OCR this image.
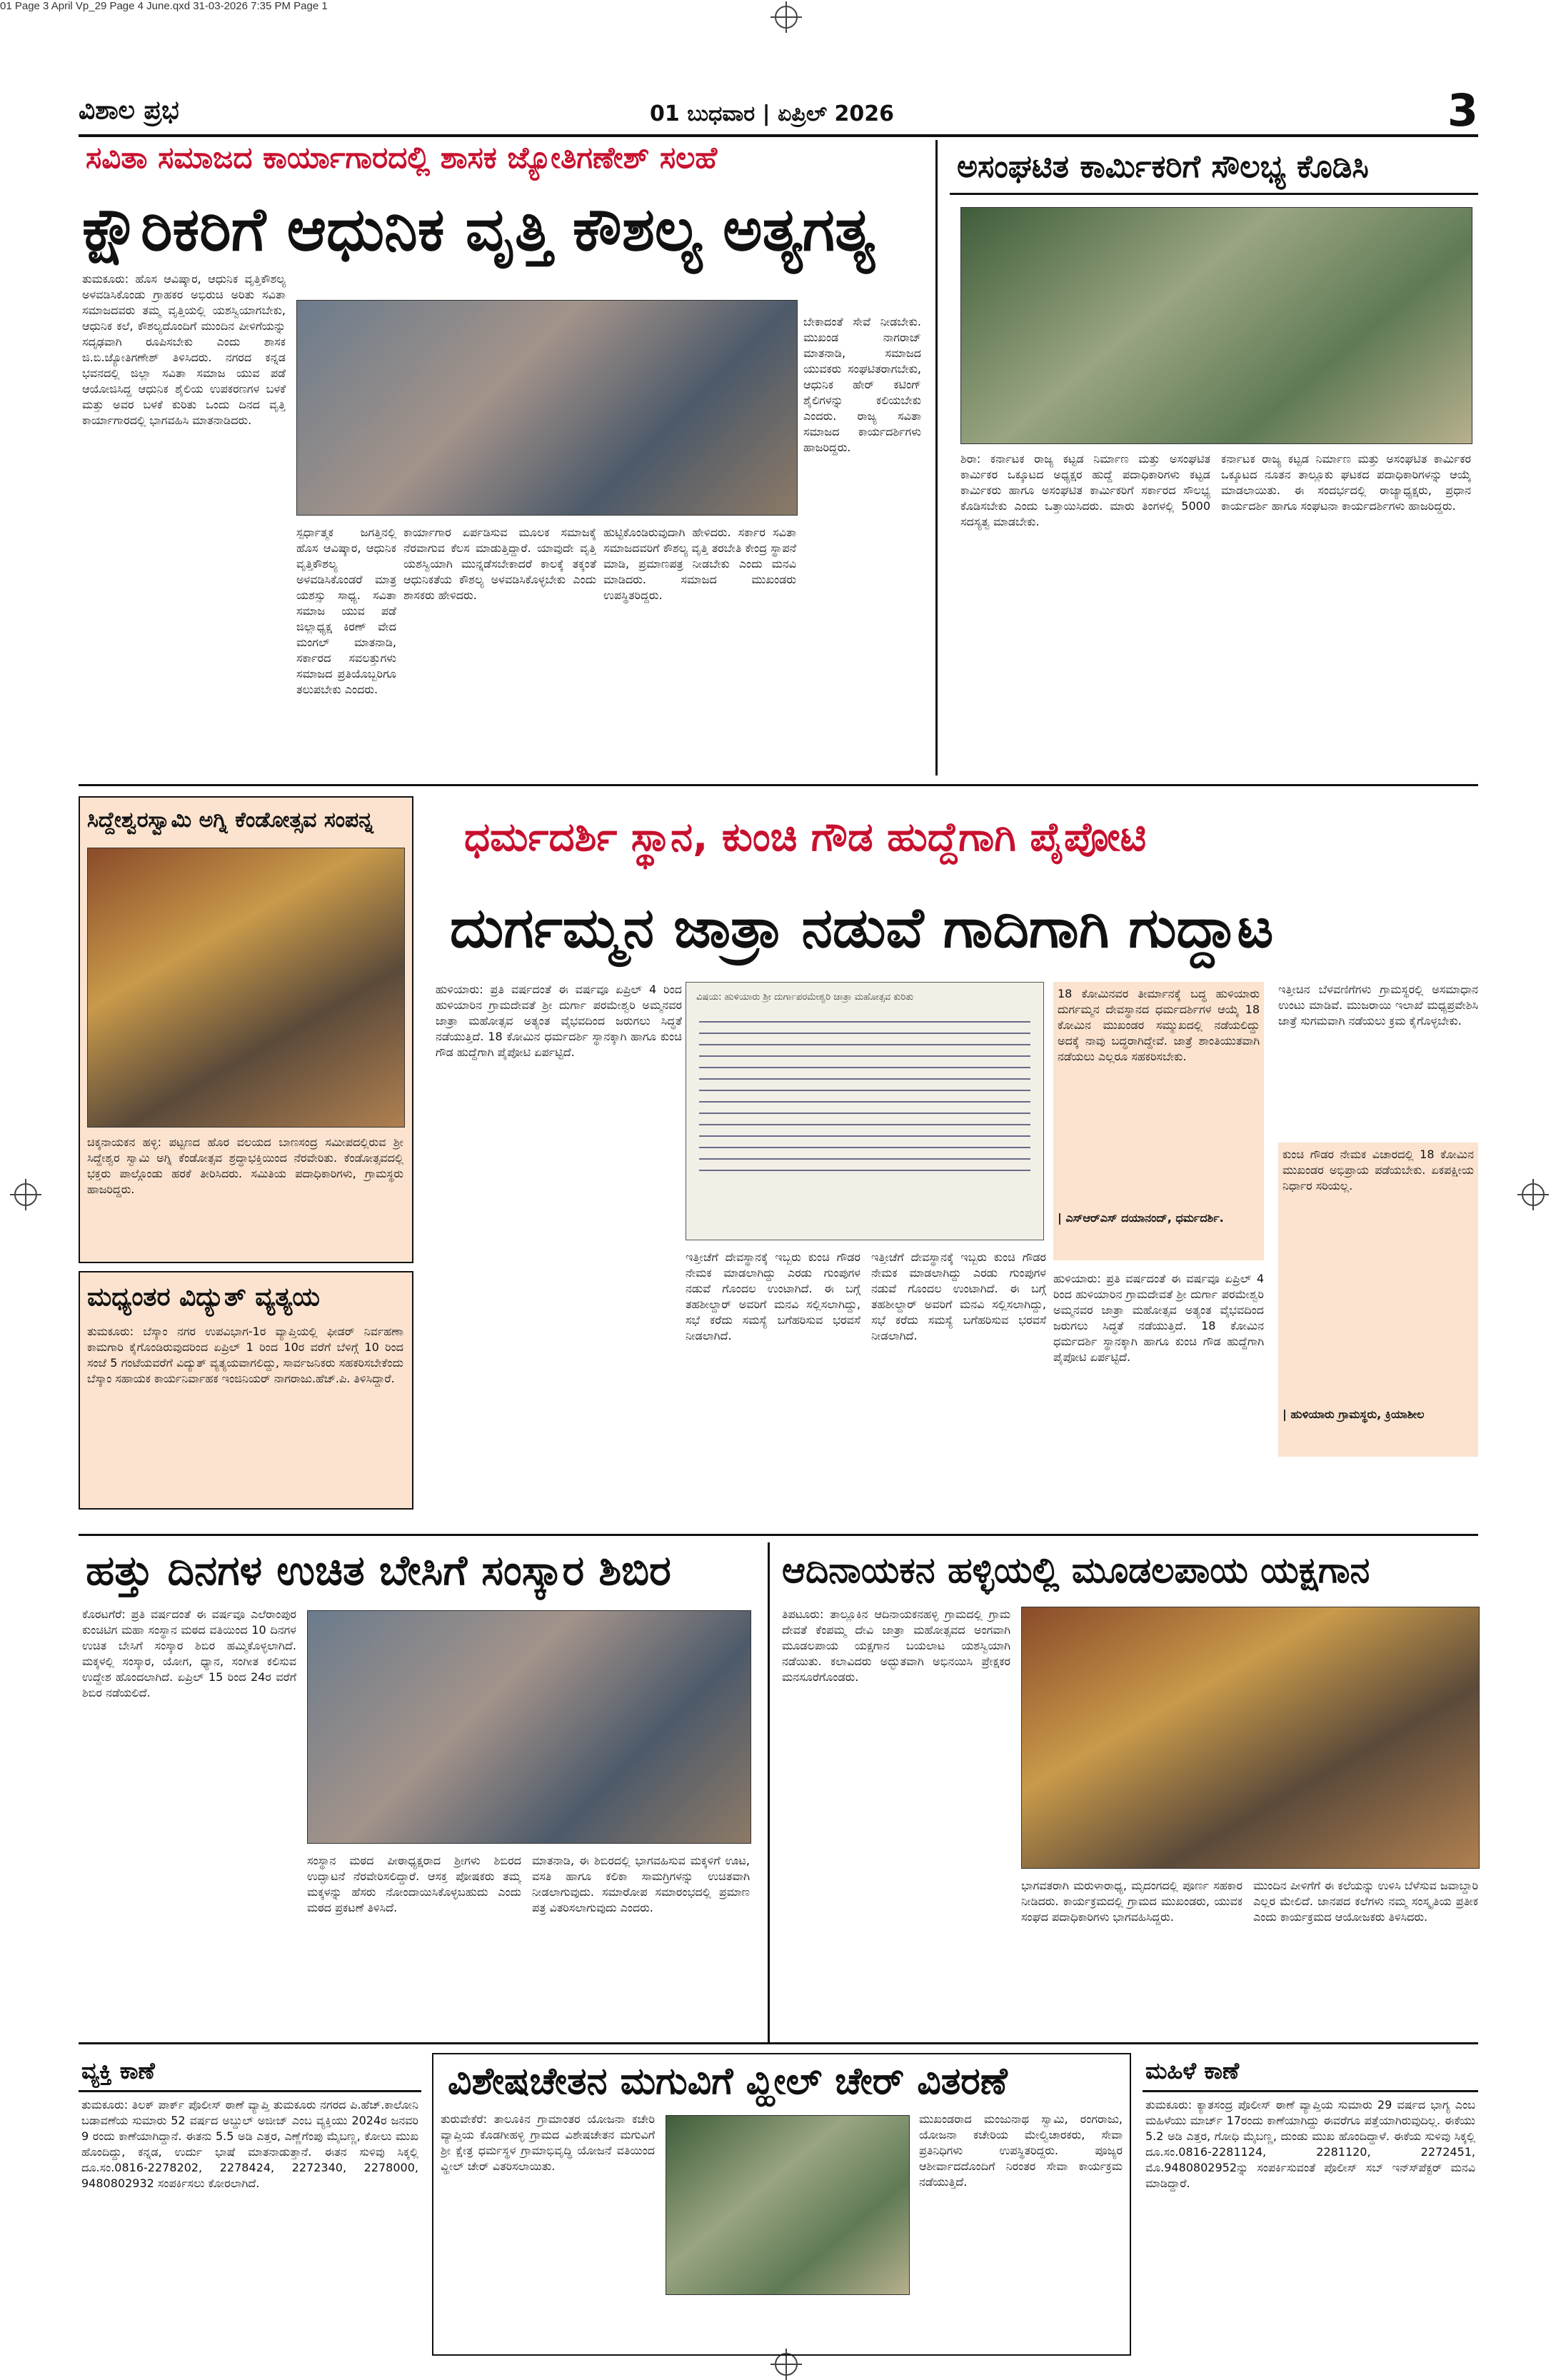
01 Page 3 April Vp_29 Page 4 June.qxd 31-03-2026 7:35 PM Page 1
ವಿಶಾಲ ಪ್ರಭ	01 ಬುಧವಾರ | ಏಪ್ರಿಲ್ 2026	3
ಸವಿತಾ ಸಮಾಜದ ಕಾರ್ಯಾಗಾರದಲ್ಲಿ ಶಾಸಕ ಜ್ಯೋತಿಗಣೇಶ್ ಸಲಹೆ
ಕ್ಷೌರಿಕರಿಗೆ ಆಧುನಿಕ ವೃತ್ತಿ ಕೌಶಲ್ಯ ಅತ್ಯಗತ್ಯ
ತುಮಕೂರು: ಹೊಸ ಆವಿಷ್ಕಾರ, ಆಧುನಿಕ ವೃತ್ತಿಕೌಶಲ್ಯ ಅಳವಡಿಸಿಕೊಂಡು ಗ್ರಾಹಕರ ಅಭಿರುಚಿ ಅರಿತು ಸವಿತಾ ಸಮಾಜದವರು ತಮ್ಮ ವೃತ್ತಿಯಲ್ಲಿ ಯಶಸ್ವಿಯಾಗಬೇಕು, ಆಧುನಿಕ ಕಲೆ, ಕೌಶಲ್ಯದೊಂದಿಗೆ ಮುಂದಿನ ಪೀಳಿಗೆಯನ್ನು ಸದೃಢವಾಗಿ ರೂಪಿಸಬೇಕು ಎಂದು ಶಾಸಕ ಜಿ.ಬಿ.ಜ್ಯೋತಿಗಣೇಶ್ ತಿಳಿಸಿದರು. ನಗರದ ಕನ್ನಡ ಭವನದಲ್ಲಿ ಜಿಲ್ಲಾ ಸವಿತಾ ಸಮಾಜ ಯುವ ಪಡೆ ಆಯೋಜಿಸಿದ್ದ ಆಧುನಿಕ ಶೈಲಿಯ ಉಪಕರಣಗಳ ಬಳಕೆ ಮತ್ತು ಅವರ ಬಳಕೆ ಕುರಿತು ಒಂದು ದಿನದ ವೃತ್ತಿ ಕಾರ್ಯಾಗಾರದಲ್ಲಿ ಭಾಗವಹಿಸಿ ಮಾತನಾಡಿದರು.
ಸ್ಪರ್ಧಾತ್ಮಕ ಜಗತ್ತಿನಲ್ಲಿ ಹೊಸ ಆವಿಷ್ಕಾರ, ಆಧುನಿಕ ವೃತ್ತಿಕೌಶಲ್ಯ ಅಳವಡಿಸಿಕೊಂಡರೆ ಮಾತ್ರ ಯಶಸ್ಸು ಸಾಧ್ಯ. ಸವಿತಾ ಸಮಾಜ ಯುವ ಪಡೆ ಜಿಲ್ಲಾಧ್ಯಕ್ಷ ಕಿರಣ್ ವೇದ ಮಂಗಲ್ ಮಾತನಾಡಿ, ಸರ್ಕಾರದ ಸವಲತ್ತುಗಳು ಸಮಾಜದ ಪ್ರತಿಯೊಬ್ಬರಿಗೂ ತಲುಪಬೇಕು ಎಂದರು.
ಕಾರ್ಯಾಗಾರ ಏರ್ಪಡಿಸುವ ಮೂಲಕ ಸಮಾಜಕ್ಕೆ ನೆರವಾಗುವ ಕೆಲಸ ಮಾಡುತ್ತಿದ್ದಾರೆ. ಯಾವುದೇ ವೃತ್ತಿ ಯಶಸ್ವಿಯಾಗಿ ಮುನ್ನಡೆಸಬೇಕಾದರೆ ಕಾಲಕ್ಕೆ ತಕ್ಕಂತೆ ಆಧುನಿಕತೆಯ ಕೌಶಲ್ಯ ಅಳವಡಿಸಿಕೊಳ್ಳಬೇಕು ಎಂದು ಶಾಸಕರು ಹೇಳಿದರು.
ಹುಟ್ಟಿಕೊಂಡಿರುವುದಾಗಿ ಹೇಳಿದರು. ಸರ್ಕಾರ ಸವಿತಾ ಸಮಾಜದವರಿಗೆ ಕೌಶಲ್ಯ ವೃತ್ತಿ ತರಬೇತಿ ಕೇಂದ್ರ ಸ್ಥಾಪನೆ ಮಾಡಿ, ಪ್ರಮಾಣಪತ್ರ ನೀಡಬೇಕು ಎಂದು ಮನವಿ ಮಾಡಿದರು. ಸಮಾಜದ ಮುಖಂಡರು ಉಪಸ್ಥಿತರಿದ್ದರು.
ಬೇಕಾದಂತೆ ಸೇವೆ ನೀಡಬೇಕು. ಮುಖಂಡ ನಾಗರಾಜ್ ಮಾತನಾಡಿ, ಸಮಾಜದ ಯುವಕರು ಸಂಘಟಿತರಾಗಬೇಕು, ಆಧುನಿಕ ಹೇರ್ ಕಟಿಂಗ್ ಶೈಲಿಗಳನ್ನು ಕಲಿಯಬೇಕು ಎಂದರು. ರಾಜ್ಯ ಸವಿತಾ ಸಮಾಜದ ಕಾರ್ಯದರ್ಶಿಗಳು ಹಾಜರಿದ್ದರು.
ಅಸಂಘಟಿತ ಕಾರ್ಮಿಕರಿಗೆ ಸೌಲಭ್ಯ ಕೊಡಿಸಿ
ಶಿರಾ: ಕರ್ನಾಟಕ ರಾಜ್ಯ ಕಟ್ಟಡ ನಿರ್ಮಾಣ ಮತ್ತು ಅಸಂಘಟಿತ ಕಾರ್ಮಿಕರ ಒಕ್ಕೂಟದ ಅಧ್ಯಕ್ಷರ ಹುದ್ದೆ ಪದಾಧಿಕಾರಿಗಳು ಕಟ್ಟಡ ಕಾರ್ಮಿಕರು ಹಾಗೂ ಅಸಂಘಟಿತ ಕಾರ್ಮಿಕರಿಗೆ ಸರ್ಕಾರದ ಸೌಲಭ್ಯ ಕೊಡಿಸಬೇಕು ಎಂದು ಒತ್ತಾಯಿಸಿದರು. ಮಾರು ತಿಂಗಳಲ್ಲಿ 5000 ಸದಸ್ಯತ್ವ ಮಾಡಬೇಕು.
ಕರ್ನಾಟಕ ರಾಜ್ಯ ಕಟ್ಟಡ ನಿರ್ಮಾಣ ಮತ್ತು ಅಸಂಘಟಿತ ಕಾರ್ಮಿಕರ ಒಕ್ಕೂಟದ ನೂತನ ತಾಲ್ಲೂಕು ಘಟಕದ ಪದಾಧಿಕಾರಿಗಳನ್ನು ಆಯ್ಕೆ ಮಾಡಲಾಯಿತು. ಈ ಸಂದರ್ಭದಲ್ಲಿ ರಾಜ್ಯಾಧ್ಯಕ್ಷರು, ಪ್ರಧಾನ ಕಾರ್ಯದರ್ಶಿ ಹಾಗೂ ಸಂಘಟನಾ ಕಾರ್ಯದರ್ಶಿಗಳು ಹಾಜರಿದ್ದರು.
ಸಿದ್ದೇಶ್ವರಸ್ವಾಮಿ ಅಗ್ನಿ ಕೆಂಡೋತ್ಸವ ಸಂಪನ್ನ
ಚಿಕ್ಕನಾಯಕನ ಹಳ್ಳಿ: ಪಟ್ಟಣದ ಹೊರ ವಲಯದ ಬಾಣಸಂದ್ರ ಸಮೀಪದಲ್ಲಿರುವ ಶ್ರೀ ಸಿದ್ದೇಶ್ವರ ಸ್ವಾಮಿ ಅಗ್ನಿ ಕೆಂಡೋತ್ಸವ ಶ್ರದ್ಧಾಭಕ್ತಿಯಿಂದ ನೆರವೇರಿತು. ಕೆಂಡೋತ್ಸವದಲ್ಲಿ ಭಕ್ತರು ಪಾಲ್ಗೊಂಡು ಹರಕೆ ತೀರಿಸಿದರು. ಸಮಿತಿಯ ಪದಾಧಿಕಾರಿಗಳು, ಗ್ರಾಮಸ್ಥರು ಹಾಜರಿದ್ದರು.
ಮಧ್ಯಂತರ ವಿದ್ಯುತ್ ವ್ಯತ್ಯಯ
ತುಮಕೂರು: ಬೆಸ್ಕಾಂ ನಗರ ಉಪವಿಭಾಗ-1ರ ವ್ಯಾಪ್ತಿಯಲ್ಲಿ ಫೀಡರ್ ನಿರ್ವಹಣಾ ಕಾಮಗಾರಿ ಕೈಗೊಂಡಿರುವುದರಿಂದ ಏಪ್ರಿಲ್ 1 ರಿಂದ 10ರ ವರೆಗೆ ಬೆಳಿಗ್ಗೆ 10 ರಿಂದ ಸಂಜೆ 5 ಗಂಟೆಯವರೆಗೆ ವಿದ್ಯುತ್ ವ್ಯತ್ಯಯವಾಗಲಿದ್ದು, ಸಾರ್ವಜನಿಕರು ಸಹಕರಿಸಬೇಕೆಂದು ಬೆಸ್ಕಾಂ ಸಹಾಯಕ ಕಾರ್ಯನಿರ್ವಾಹಕ ಇಂಜಿನಿಯರ್ ನಾಗರಾಜು.ಹೆಚ್.ಪಿ. ತಿಳಿಸಿದ್ದಾರೆ.
ಧರ್ಮದರ್ಶಿ ಸ್ಥಾನ, ಕುಂಚಿ ಗೌಡ ಹುದ್ದೆಗಾಗಿ ಪೈಪೋಟಿ
ದುರ್ಗಮ್ಮನ ಜಾತ್ರಾ ನಡುವೆ ಗಾದಿಗಾಗಿ ಗುದ್ದಾಟ
ಹುಳಿಯಾರು: ಪ್ರತಿ ವರ್ಷದಂತೆ ಈ ವರ್ಷವೂ ಏಪ್ರಿಲ್ 4 ರಿಂದ ಹುಳಿಯಾರಿನ ಗ್ರಾಮದೇವತೆ ಶ್ರೀ ದುರ್ಗಾ ಪರಮೇಶ್ವರಿ ಅಮ್ಮನವರ ಜಾತ್ರಾ ಮಹೋತ್ಸವ ಅತ್ಯಂತ ವೈಭವದಿಂದ ಜರುಗಲು ಸಿದ್ಧತೆ ನಡೆಯುತ್ತಿದೆ. 18 ಕೋಮಿನ ಧರ್ಮದರ್ಶಿ ಸ್ಥಾನಕ್ಕಾಗಿ ಹಾಗೂ ಕುಂಚಿ ಗೌಡ ಹುದ್ದೆಗಾಗಿ ಪೈಪೋಟಿ ಏರ್ಪಟ್ಟಿದೆ.
ವಿಷಯ: ಹುಳಿಯಾರು ಶ್ರೀ ದುರ್ಗಾಪರಮೇಶ್ವರಿ ಜಾತ್ರಾ ಮಹೋತ್ಸವ ಕುರಿತು
ಇತ್ತೀಚೆಗೆ ದೇವಸ್ಥಾನಕ್ಕೆ ಇಬ್ಬರು ಕುಂಚಿ ಗೌಡರ ನೇಮಕ ಮಾಡಲಾಗಿದ್ದು ಎರಡು ಗುಂಪುಗಳ ನಡುವೆ ಗೊಂದಲ ಉಂಟಾಗಿದೆ. ಈ ಬಗ್ಗೆ ತಹಶೀಲ್ದಾರ್ ಅವರಿಗೆ ಮನವಿ ಸಲ್ಲಿಸಲಾಗಿದ್ದು, ಸಭೆ ಕರೆದು ಸಮಸ್ಯೆ ಬಗೆಹರಿಸುವ ಭರವಸೆ ನೀಡಲಾಗಿದೆ.
18 ಕೋಮಿನವರ ತೀರ್ಮಾನಕ್ಕೆ ಬದ್ಧ ಹುಳಿಯಾರು ದುರ್ಗಮ್ಮನ ದೇವಸ್ಥಾನದ ಧರ್ಮದರ್ಶಿಗಳ ಆಯ್ಕೆ 18 ಕೋಮಿನ ಮುಖಂಡರ ಸಮ್ಮುಖದಲ್ಲಿ ನಡೆಯಲಿದ್ದು ಅದಕ್ಕೆ ನಾವು ಬದ್ಧರಾಗಿದ್ದೇವೆ. ಜಾತ್ರೆ ಶಾಂತಿಯುತವಾಗಿ ನಡೆಯಲು ಎಲ್ಲರೂ ಸಹಕರಿಸಬೇಕು.
| ಎಸ್‍ಆರ್‍ಎಸ್ ದಯಾನಂದ್, ಧರ್ಮದರ್ಶಿ.
ಇತ್ತೀಚೆಗೆ ದೇವಸ್ಥಾನಕ್ಕೆ ಇಬ್ಬರು ಕುಂಚಿ ಗೌಡರ ನೇಮಕ ಮಾಡಲಾಗಿದ್ದು ಎರಡು ಗುಂಪುಗಳ ನಡುವೆ ಗೊಂದಲ ಉಂಟಾಗಿದೆ. ಈ ಬಗ್ಗೆ ತಹಶೀಲ್ದಾರ್ ಅವರಿಗೆ ಮನವಿ ಸಲ್ಲಿಸಲಾಗಿದ್ದು, ಸಭೆ ಕರೆದು ಸಮಸ್ಯೆ ಬಗೆಹರಿಸುವ ಭರವಸೆ ನೀಡಲಾಗಿದೆ.
ಇತ್ತೀಚಿನ ಬೆಳವಣಿಗೆಗಳು ಗ್ರಾಮಸ್ಥರಲ್ಲಿ ಅಸಮಾಧಾನ ಉಂಟು ಮಾಡಿವೆ. ಮುಜರಾಯಿ ಇಲಾಖೆ ಮಧ್ಯಪ್ರವೇಶಿಸಿ ಜಾತ್ರೆ ಸುಗಮವಾಗಿ ನಡೆಯಲು ಕ್ರಮ ಕೈಗೊಳ್ಳಬೇಕು.
ಕುಂಚಿ ಗೌಡರ ನೇಮಕ ವಿಚಾರದಲ್ಲಿ 18 ಕೋಮಿನ ಮುಖಂಡರ ಅಭಿಪ್ರಾಯ ಪಡೆಯಬೇಕು. ಏಕಪಕ್ಷೀಯ ನಿರ್ಧಾರ ಸರಿಯಲ್ಲ.
| ಹುಳಿಯಾರು ಗ್ರಾಮಸ್ಥರು, ಕ್ರಿಯಾಶೀಲ
ಹುಳಿಯಾರು: ಪ್ರತಿ ವರ್ಷದಂತೆ ಈ ವರ್ಷವೂ ಏಪ್ರಿಲ್ 4 ರಿಂದ ಹುಳಿಯಾರಿನ ಗ್ರಾಮದೇವತೆ ಶ್ರೀ ದುರ್ಗಾ ಪರಮೇಶ್ವರಿ ಅಮ್ಮನವರ ಜಾತ್ರಾ ಮಹೋತ್ಸವ ಅತ್ಯಂತ ವೈಭವದಿಂದ ಜರುಗಲು ಸಿದ್ಧತೆ ನಡೆಯುತ್ತಿದೆ. 18 ಕೋಮಿನ ಧರ್ಮದರ್ಶಿ ಸ್ಥಾನಕ್ಕಾಗಿ ಹಾಗೂ ಕುಂಚಿ ಗೌಡ ಹುದ್ದೆಗಾಗಿ ಪೈಪೋಟಿ ಏರ್ಪಟ್ಟಿದೆ.
ಹತ್ತು ದಿನಗಳ ಉಚಿತ ಬೇಸಿಗೆ ಸಂಸ್ಕಾರ ಶಿಬಿರ
ಕೊರಟಗೆರೆ: ಪ್ರತಿ ವರ್ಷದಂತೆ ಈ ವರ್ಷವೂ ಎಲೆರಾಂಪುರ ಕುಂಚಿಟಿಗ ಮಹಾ ಸಂಸ್ಥಾನ ಮಠದ ವತಿಯಿಂದ 10 ದಿನಗಳ ಉಚಿತ ಬೇಸಿಗೆ ಸಂಸ್ಕಾರ ಶಿಬಿರ ಹಮ್ಮಿಕೊಳ್ಳಲಾಗಿದೆ. ಮಕ್ಕಳಲ್ಲಿ ಸಂಸ್ಕಾರ, ಯೋಗ, ಧ್ಯಾನ, ಸಂಗೀತ ಕಲಿಸುವ ಉದ್ದೇಶ ಹೊಂದಲಾಗಿದೆ. ಏಪ್ರಿಲ್ 15 ರಿಂದ 24ರ ವರೆಗೆ ಶಿಬಿರ ನಡೆಯಲಿದೆ.
ಸಂಸ್ಥಾನ ಮಠದ ಪೀಠಾಧ್ಯಕ್ಷರಾದ ಶ್ರೀಗಳು ಶಿಬಿರದ ಉದ್ಘಾಟನೆ ನೆರವೇರಿಸಲಿದ್ದಾರೆ. ಆಸಕ್ತ ಪೋಷಕರು ತಮ್ಮ ಮಕ್ಕಳನ್ನು ಹೆಸರು ನೋಂದಾಯಿಸಿಕೊಳ್ಳಬಹುದು ಎಂದು ಮಠದ ಪ್ರಕಟಣೆ ತಿಳಿಸಿದೆ.
ಮಾತನಾಡಿ, ಈ ಶಿಬಿರದಲ್ಲಿ ಭಾಗವಹಿಸುವ ಮಕ್ಕಳಿಗೆ ಊಟ, ವಸತಿ ಹಾಗೂ ಕಲಿಕಾ ಸಾಮಗ್ರಿಗಳನ್ನು ಉಚಿತವಾಗಿ ನೀಡಲಾಗುವುದು. ಸಮಾರೋಪ ಸಮಾರಂಭದಲ್ಲಿ ಪ್ರಮಾಣ ಪತ್ರ ವಿತರಿಸಲಾಗುವುದು ಎಂದರು.
ಆದಿನಾಯಕನ ಹಳ್ಳಿಯಲ್ಲಿ ಮೂಡಲಪಾಯ ಯಕ್ಷಗಾನ
ತಿಪಟೂರು: ತಾಲ್ಲೂಕಿನ ಆದಿನಾಯಕನಹಳ್ಳಿ ಗ್ರಾಮದಲ್ಲಿ ಗ್ರಾಮ ದೇವತೆ ಕೆಂಪಮ್ಮ ದೇವಿ ಜಾತ್ರಾ ಮಹೋತ್ಸವದ ಅಂಗವಾಗಿ ಮೂಡಲಪಾಯ ಯಕ್ಷಗಾನ ಬಯಲಾಟ ಯಶಸ್ವಿಯಾಗಿ ನಡೆಯಿತು. ಕಲಾವಿದರು ಅದ್ಭುತವಾಗಿ ಅಭಿನಯಿಸಿ ಪ್ರೇಕ್ಷಕರ ಮನಸೂರೆಗೊಂಡರು.
ಭಾಗವತರಾಗಿ ಮರುಳಾರಾಧ್ಯ, ಮೃದಂಗದಲ್ಲಿ ಪೂರ್ಣ ಸಹಕಾರ ನೀಡಿದರು. ಕಾರ್ಯಕ್ರಮದಲ್ಲಿ ಗ್ರಾಮದ ಮುಖಂಡರು, ಯುವಕ ಸಂಘದ ಪದಾಧಿಕಾರಿಗಳು ಭಾಗವಹಿಸಿದ್ದರು.
ಮುಂದಿನ ಪೀಳಿಗೆಗೆ ಈ ಕಲೆಯನ್ನು ಉಳಿಸಿ ಬೆಳೆಸುವ ಜವಾಬ್ದಾರಿ ಎಲ್ಲರ ಮೇಲಿದೆ. ಜಾನಪದ ಕಲೆಗಳು ನಮ್ಮ ಸಂಸ್ಕೃತಿಯ ಪ್ರತೀಕ ಎಂದು ಕಾರ್ಯಕ್ರಮದ ಆಯೋಜಕರು ತಿಳಿಸಿದರು.
ವ್ಯಕ್ತಿ ಕಾಣೆ
ತುಮಕೂರು: ತಿಲಕ್ ಪಾರ್ಕ್ ಪೊಲೀಸ್ ಠಾಣೆ ವ್ಯಾಪ್ತಿ ತುಮಕೂರು ನಗರದ ಪಿ.ಹೆಚ್.ಕಾಲೋನಿ ಬಡಾವಣೆಯ ಸುಮಾರು 52 ವರ್ಷದ ಅಬ್ದುಲ್ ಅಜೀಜ್ ಎಂಬ ವ್ಯಕ್ತಿಯು 2024ರ ಜನವರಿ 9 ರಂದು ಕಾಣೆಯಾಗಿದ್ದಾನೆ. ಈತನು 5.5 ಅಡಿ ಎತ್ತರ, ಎಣ್ಣೆಗೆಂಪು ಮೈಬಣ್ಣ, ಕೋಲು ಮುಖ ಹೊಂದಿದ್ದು, ಕನ್ನಡ, ಉರ್ದು ಭಾಷೆ ಮಾತನಾಡುತ್ತಾನೆ. ಈತನ ಸುಳಿವು ಸಿಕ್ಕಲ್ಲಿ ದೂ.ಸಂ.0816-2278202, 2278424, 2272340, 2278000, 9480802932 ಸಂಪರ್ಕಿಸಲು ಕೋರಲಾಗಿದೆ.
ವಿಶೇಷಚೇತನ ಮಗುವಿಗೆ ವ್ಹೀಲ್ ಚೇರ್ ವಿತರಣೆ
ತುರುವೇಕೆರೆ: ತಾಲೂಕಿನ ಗ್ರಾಮಾಂತರ ಯೋಜನಾ ಕಚೇರಿ ವ್ಯಾಪ್ತಿಯ ಕೊಡಗೀಹಳ್ಳಿ ಗ್ರಾಮದ ವಿಶೇಷಚೇತನ ಮಗುವಿಗೆ ಶ್ರೀ ಕ್ಷೇತ್ರ ಧರ್ಮಸ್ಥಳ ಗ್ರಾಮಾಭಿವೃದ್ಧಿ ಯೋಜನೆ ವತಿಯಿಂದ ವ್ಹೀಲ್ ಚೇರ್ ವಿತರಿಸಲಾಯಿತು.
ಮುಖಂಡರಾದ ಮಂಜುನಾಥ ಸ್ವಾಮಿ, ರಂಗರಾಜು, ಯೋಜನಾ ಕಚೇರಿಯ ಮೇಲ್ವಿಚಾರಕರು, ಸೇವಾ ಪ್ರತಿನಿಧಿಗಳು ಉಪಸ್ಥಿತರಿದ್ದರು. ಪೂಜ್ಯರ ಆಶೀರ್ವಾದದೊಂದಿಗೆ ನಿರಂತರ ಸೇವಾ ಕಾರ್ಯಕ್ರಮ ನಡೆಯುತ್ತಿದೆ.
ಮಹಿಳೆ ಕಾಣೆ
ತುಮಕೂರು: ಕ್ಯಾತಸಂದ್ರ ಪೊಲೀಸ್ ಠಾಣೆ ವ್ಯಾಪ್ತಿಯ ಸುಮಾರು 29 ವರ್ಷದ ಭಾಗ್ಯ ಎಂಬ ಮಹಿಳೆಯು ಮಾರ್ಚ್ 17ರಂದು ಕಾಣೆಯಾಗಿದ್ದು ಈವರೆಗೂ ಪತ್ತೆಯಾಗಿರುವುದಿಲ್ಲ. ಈಕೆಯು 5.2 ಅಡಿ ಎತ್ತರ, ಗೋಧಿ ಮೈಬಣ್ಣ, ದುಂಡು ಮುಖ ಹೊಂದಿದ್ದಾಳೆ. ಈಕೆಯ ಸುಳಿವು ಸಿಕ್ಕಲ್ಲಿ ದೂ.ಸಂ.0816-2281124, 2281120, 2272451, ಮೊ.9480802952ನ್ನು ಸಂಪರ್ಕಿಸುವಂತೆ ಪೊಲೀಸ್ ಸಬ್ ಇನ್ಸ್‍ಪೆಕ್ಟರ್ ಮನವಿ ಮಾಡಿದ್ದಾರೆ.
